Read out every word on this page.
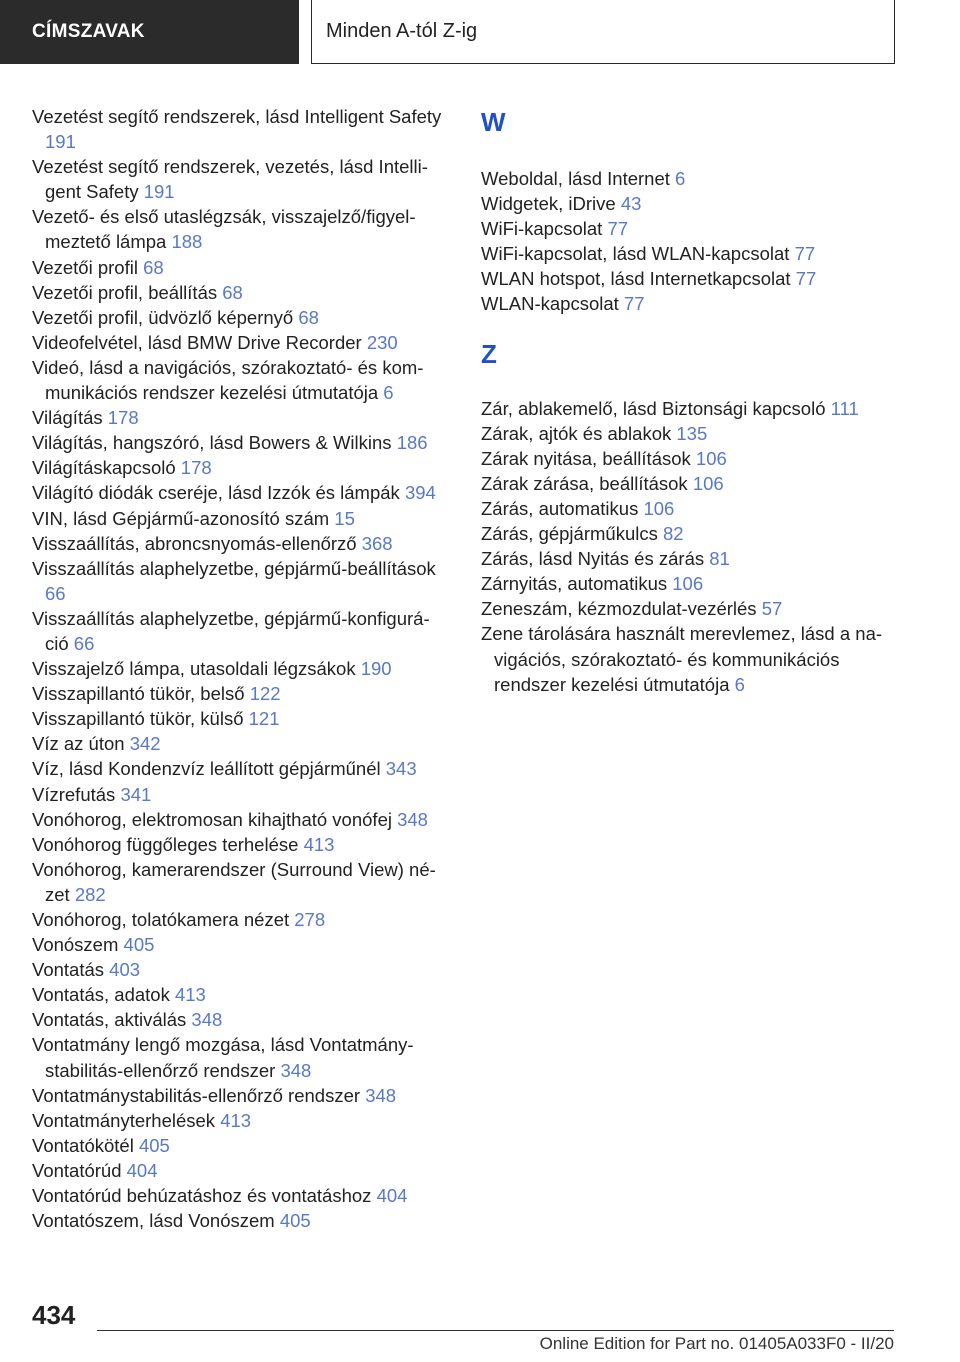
CÍMSZAVAK	Minden A-tól Z-ig
Vezetést segítő rendszerek, lásd Intelligent Safety 191
Vezetést segítő rendszerek, vezetés, lásd Intelligent Safety 191
Vezető- és első utaslégzsák, visszajelző/figyelmeztető lámpa 188
Vezetői profil 68
Vezetői profil, beállítás 68
Vezetői profil, üdvözlő képernyő 68
Videofelvétel, lásd BMW Drive Recorder 230
Videó, lásd a navigációs, szórakoztató- és kommunikációs rendszer kezelési útmutatója 6
Világítás 178
Világítás, hangszóró, lásd Bowers & Wilkins 186
Világításkapcsoló 178
Világító diódák cseréje, lásd Izzók és lámpák 394
VIN, lásd Gépjármű-azonosító szám 15
Visszaállítás, abroncsnyomás-ellenőrző 368
Visszaállítás alaphelyzetbe, gépjármű-beállítások 66
Visszaállítás alaphelyzetbe, gépjármű-konfiguráció 66
Visszajelző lámpa, utasoldali légzsákok 190
Visszapillantó tükör, belső 122
Visszapillantó tükör, külső 121
Víz az úton 342
Víz, lásd Kondenzvíz leállított gépjárműnél 343
Vízrefutás 341
Vonóhorog, elektromosan kihajtható vonófej 348
Vonóhorog függőleges terhelése 413
Vonóhorog, kamerarendszer (Surround View) nézet 282
Vonóhorog, tolatókamera nézet 278
Vonószem 405
Vontatás 403
Vontatás, adatok 413
Vontatás, aktiválás 348
Vontatmány lengő mozgása, lásd Vontatmánystabilitás-ellenőrző rendszer 348
Vontatmánystabilitás-ellenőrző rendszer 348
Vontatmányterhelések 413
Vontatókötél 405
Vontatórúd 404
Vontatórúd behúzatáshoz és vontatáshoz 404
Vontatószem, lásd Vonószem 405
W
Weboldal, lásd Internet 6
Widgetek, iDrive 43
WiFi-kapcsolat 77
WiFi-kapcsolat, lásd WLAN-kapcsolat 77
WLAN hotspot, lásd Internetkapcsolat 77
WLAN-kapcsolat 77
Z
Zár, ablakemelő, lásd Biztonsági kapcsoló 111
Zárak, ajtók és ablakok 135
Zárak nyitása, beállítások 106
Zárak zárása, beállítások 106
Zárás, automatikus 106
Zárás, gépjárműkulcs 82
Zárás, lásd Nyitás és zárás 81
Zárnyitás, automatikus 106
Zeneszám, kézmozdulat-vezérlés 57
Zene tárolására használt merevlemez, lásd a navigációs, szórakoztató- és kommunikációs rendszer kezelési útmutatója 6
434
Online Edition for Part no. 01405A033F0 - II/20
